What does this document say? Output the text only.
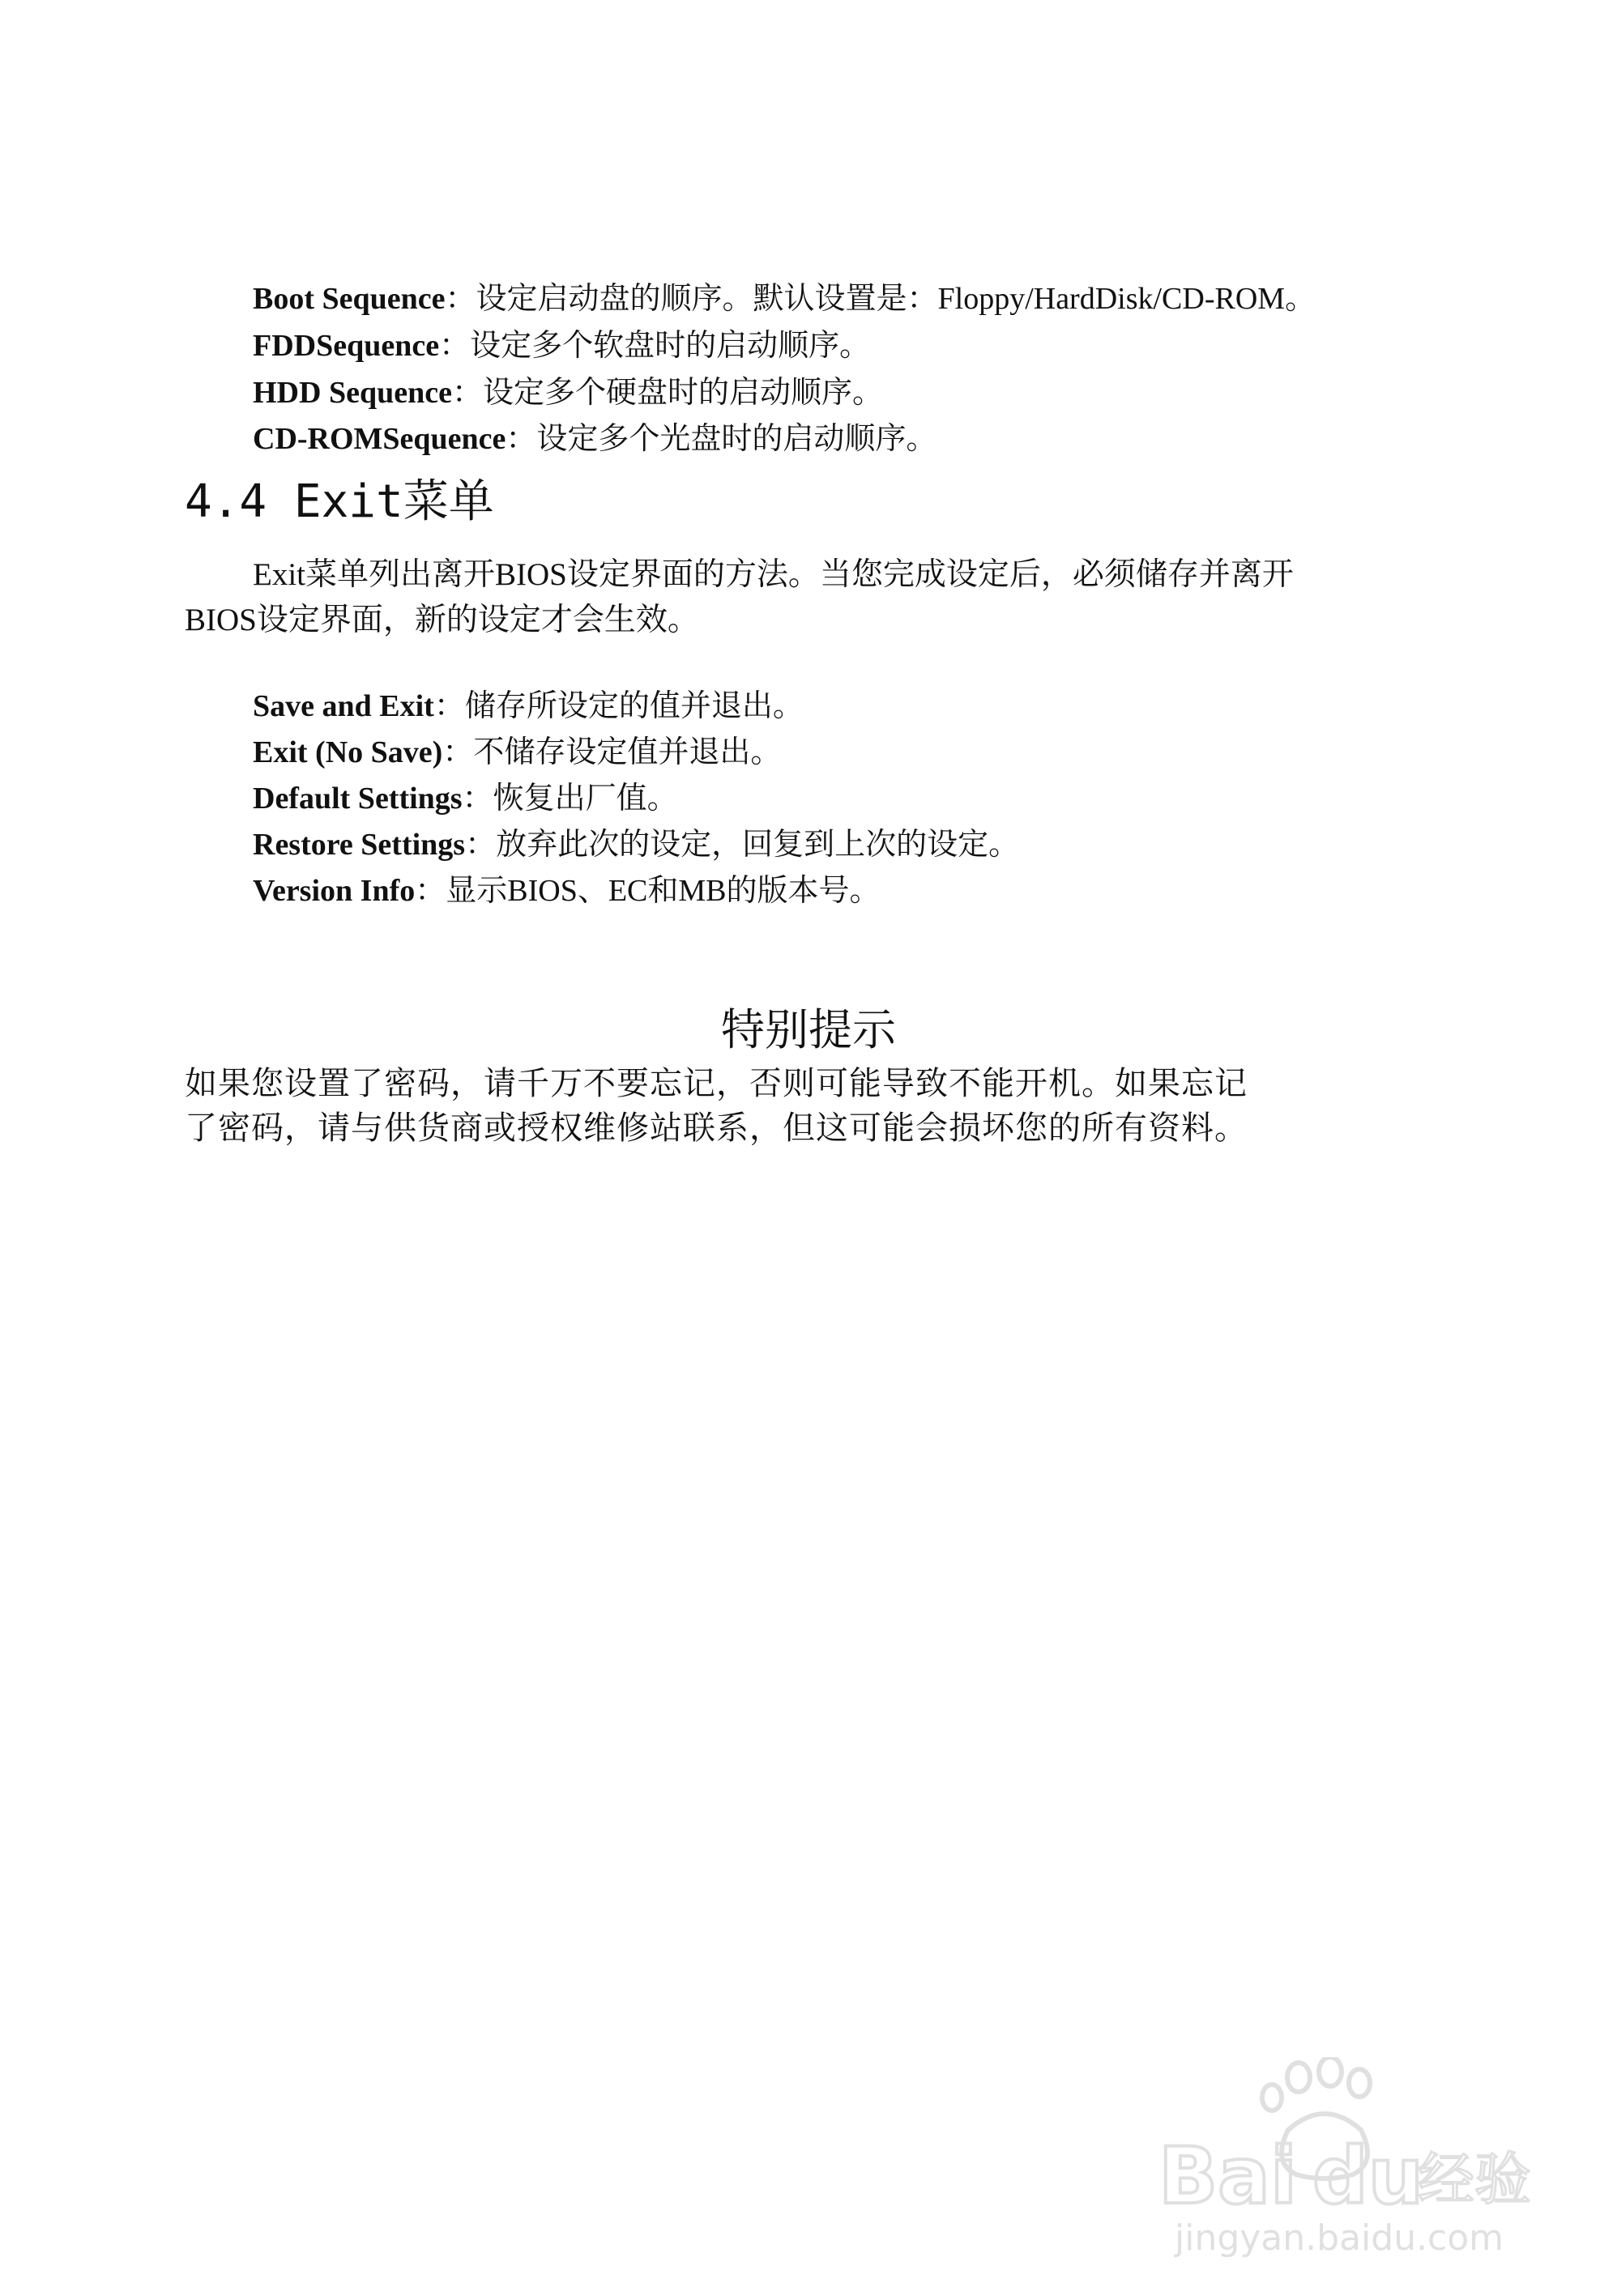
Boot Sequence：设定启动盘的顺序。默认设置是：Floppy/HardDisk/CD-ROM。
FDDSequence：设定多个软盘时的启动顺序。
HDD Sequence：设定多个硬盘时的启动顺序。
CD-ROMSequence：设定多个光盘时的启动顺序。
4.4 Exit菜单
Exit菜单列出离开BIOS设定界面的方法。当您完成设定后，必须储存并离开
BIOS设定界面，新的设定才会生效。
Save and Exit：储存所设定的值并退出。
Exit (No Save)：不储存设定值并退出。
Default Settings：恢复出厂值。
Restore Settings：放弃此次的设定，回复到上次的设定。
Version Info：显示BIOS、EC和MB的版本号。
特别提示
如果您设置了密码，请千万不要忘记，否则可能导致不能开机。如果忘记
了密码，请与供货商或授权维修站联系，但这可能会损坏您的所有资料。
Bai du
经验
jingyan.baidu.com
